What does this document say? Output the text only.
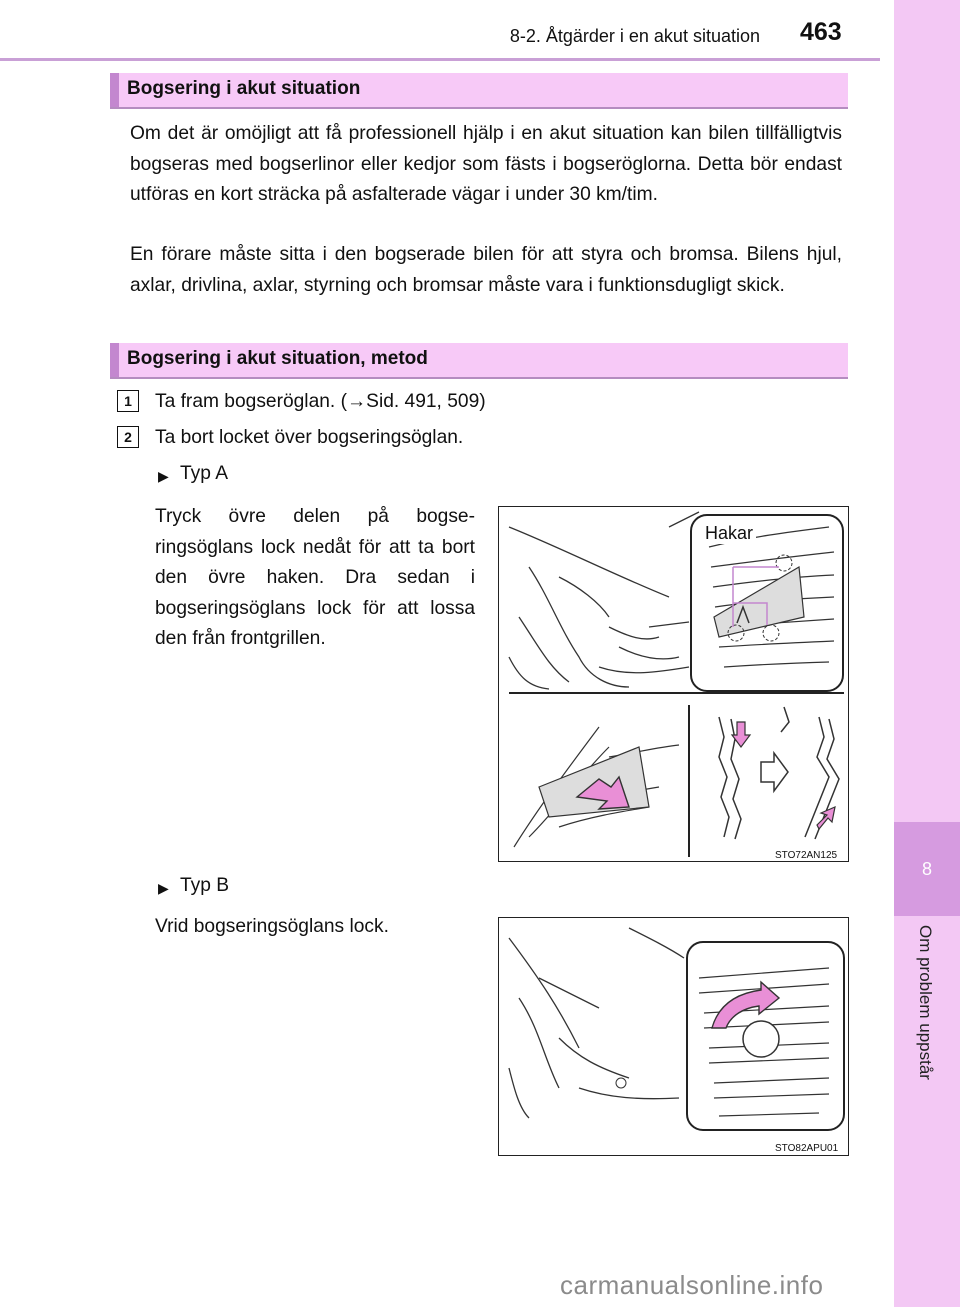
8-2. Åtgärder i en akut situation 463
8
Om problem uppstår
Bogsering i akut situation
Om det är omöjligt att få professionell hjälp i en akut situation kan bilen tillfälligtvis bogseras med bogserlinor eller kedjor som fästs i bogseröglorna. Detta bör endast utföras en kort sträcka på asfalterade vägar i under 30 km/tim.
En förare måste sitta i den bogserade bilen för att styra och bromsa. Bilens hjul, axlar, drivlina, axlar, styrning och bromsar måste vara i funktionsdugligt skick.
Bogsering i akut situation, metod
1	Ta fram bogseröglan. (→Sid. 491, 509)
2	Ta bort locket över bogseringsöglan.
▶ Typ A
Tryck övre delen på bogseringsöglans lock nedåt för att ta bort den övre haken. Dra sedan i bogseringsöglans lock för att lossa den från frontgrillen.
Hakar
STO72AN125
▶ Typ B
Vrid bogseringsöglans lock.
STO82APU01
carmanualsonline.info
